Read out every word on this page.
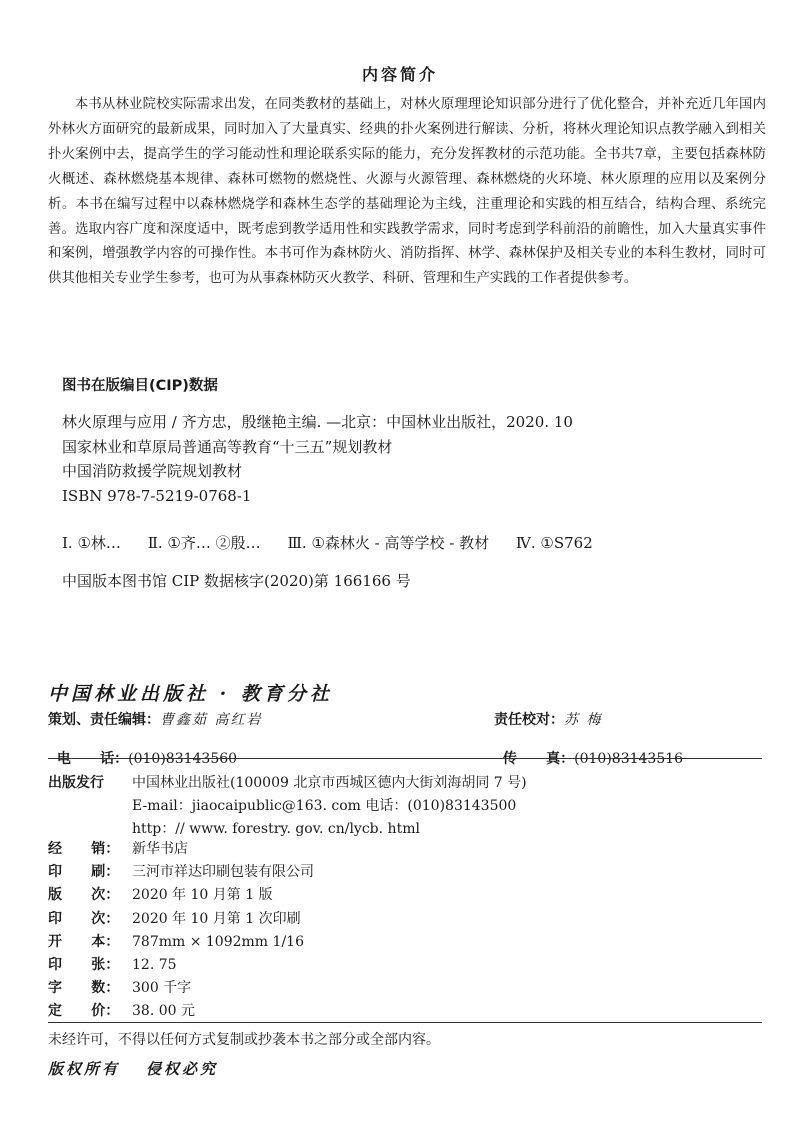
内容简介
本书从林业院校实际需求出发，在同类教材的基础上，对林火原理理论知识部分进行了优化整合，并补充近几年国内外林火方面研究的最新成果，同时加入了大量真实、经典的扑火案例进行解读、分析，将林火理论知识点教学融入到相关扑火案例中去，提高学生的学习能动性和理论联系实际的能力，充分发挥教材的示范功能。全书共7章，主要包括森林防火概述、森林燃烧基本规律、森林可燃物的燃烧性、火源与火源管理、森林燃烧的火环境、林火原理的应用以及案例分析。本书在编写过程中以森林燃烧学和森林生态学的基础理论为主线，注重理论和实践的相互结合，结构合理、系统完善。选取内容广度和深度适中，既考虑到教学适用性和实践教学需求，同时考虑到学科前沿的前瞻性，加入大量真实事件和案例，增强教学内容的可操作性。本书可作为森林防火、消防指挥、林学、森林保护及相关专业的本科生教材，同时可供其他相关专业学生参考，也可为从事森林防灭火教学、科研、管理和生产实践的工作者提供参考。
图书在版编目(CIP)数据
林火原理与应用 / 齐方忠，殷继艳主编. —北京：中国林业出版社，2020. 10
国家林业和草原局普通高等教育“十三五”规划教材
中国消防救援学院规划教材
ISBN 978-7-5219-0768-1
Ⅰ. ①林… Ⅱ. ①齐… ②殷… Ⅲ. ①森林火 - 高等学校 - 教材 Ⅳ. ①S762
中国版本图书馆 CIP 数据核字(2020)第 166166 号
中国林业出版社 · 教育分社
策划、责任编辑：曹鑫茹 高红岩	责任校对：苏 梅

电      话：(010)83143560	传      真：(010)83143516

出版发行 中国林业出版社(100009 北京市西城区德内大街刘海胡同 7 号)
E-mail：jiaocaipublic@163. com 电话：(010)83143500
http：// www. forestry. gov. cn/lycb. html
经      销： 新华书店
印      刷： 三河市祥达印刷包装有限公司
版      次： 2020 年 10 月第 1 版
印      次： 2020 年 10 月第 1 次印刷
开      本： 787mm × 1092mm 1/16
印      张： 12. 75
字      数： 300 千字
定      价： 38. 00 元
未经许可，不得以任何方式复制或抄袭本书之部分或全部内容。
版权所有 侵权必究
